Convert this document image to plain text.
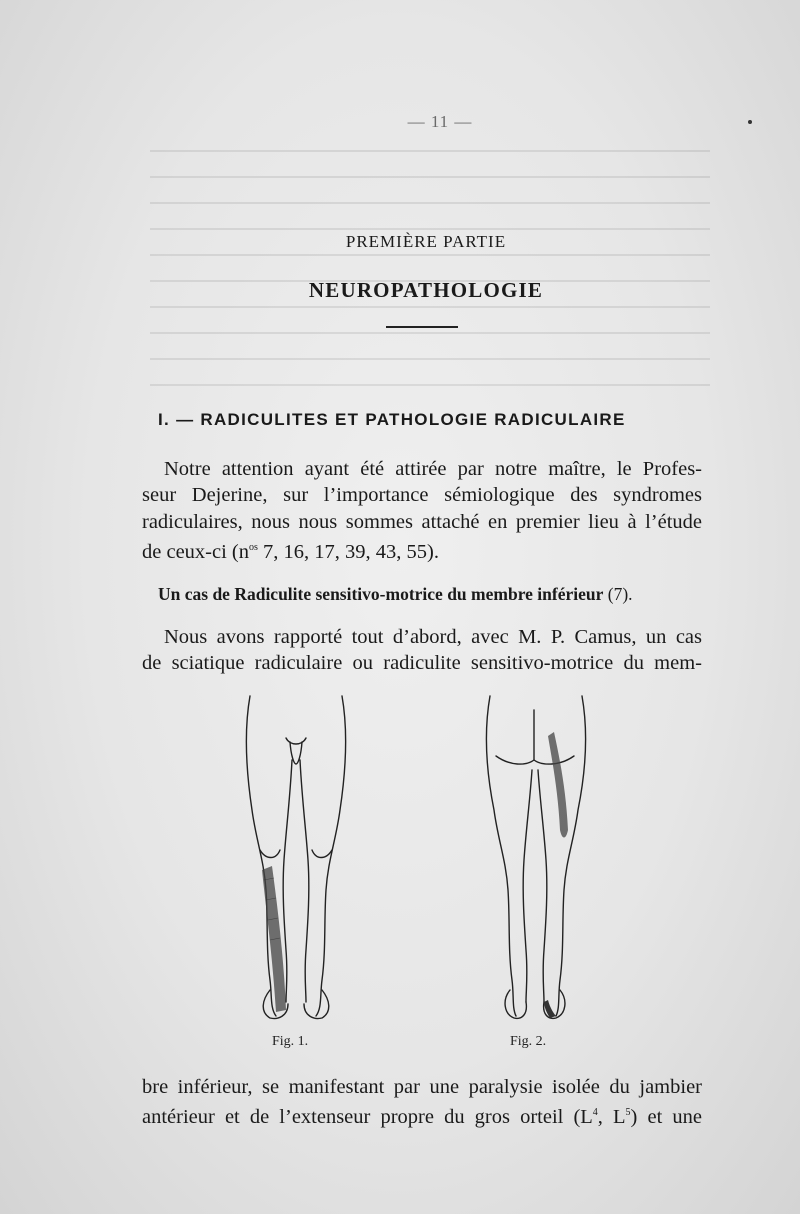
— 11 —
PREMIÈRE PARTIE
NEUROPATHOLOGIE
I. — RADICULITES ET PATHOLOGIE RADICULAIRE
Notre attention ayant été attirée par notre maître, le Profes-
seur Dejerine, sur l’importance sémiologique des syndromes
radiculaires, nous nous sommes attaché en premier lieu à l’étude
de ceux-ci ($n^{os}$ 7, 16, 17, 39, 43, 55).
Un cas de Radiculite sensitivo-motrice du membre inférieur (7).
Nous avons rapporté tout d’abord, avec M. P. Camus, un cas
de sciatique radiculaire ou radiculite sensitivo-motrice du mem-
Fig. 1.	Fig. 2.
bre inférieur, se manifestant par une paralysie isolée du jambier
antérieur et de l’extenseur propre du gros orteil ($L^4$, $L^5$) et une
